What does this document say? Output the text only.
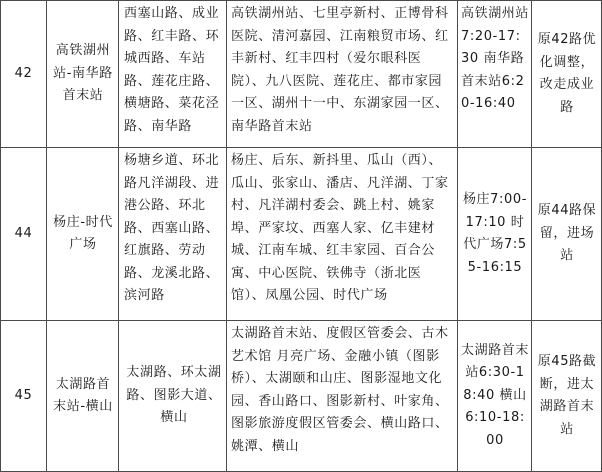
42
高铁湖州站-南华路首末站
西塞山路、成业路、红丰路、环城西路、车站路、莲花庄路、横塘路、菜花泾路、南华路
高铁湖州站、七里亭新村、正博骨科医院、清河嘉园、江南粮贸市场、红丰新村、红丰四村（爱尔眼科医院）、九八医院、莲花庄、都市家园一区、湖州十一中、东湖家园一区、南华路首末站
高铁湖州站7:20-17:30 南华路首末站6:20-16:40
原42路优化调整，改走成业路
44
杨庄-时代广场
杨塘乡道、环北路凡洋湖段、进港公路、环北路、西塞山路、红旗路、劳动路、龙溪北路、滨河路
杨庄、后东、新抖里、瓜山（西）、瓜山、张家山、潘店、凡洋湖、丁家村、凡洋湖村委会、跳上村、姚家埠、严家坟、西塞人家、亿丰建材城、江南车城、红丰家园、百合公寓、中心医院、铁佛寺（浙北医馆）、凤凰公园、时代广场
杨庄7:00-17:10 时代广场7:55-16:15
原44路保留，进场站
45
太湖路首末站-横山
太湖路、环太湖路、图影大道、横山
太湖路首末站、度假区管委会、古木艺术馆 月亮广场、金融小镇（图影桥）、太湖颐和山庄、图影湿地文化园、香山路口、图影新村、叶家角、图影旅游度假区管委会、横山路口、姚潭、横山
太湖路首末站6:30-18:40 横山6:10-18:00
原45路截断，进太湖路首末站
